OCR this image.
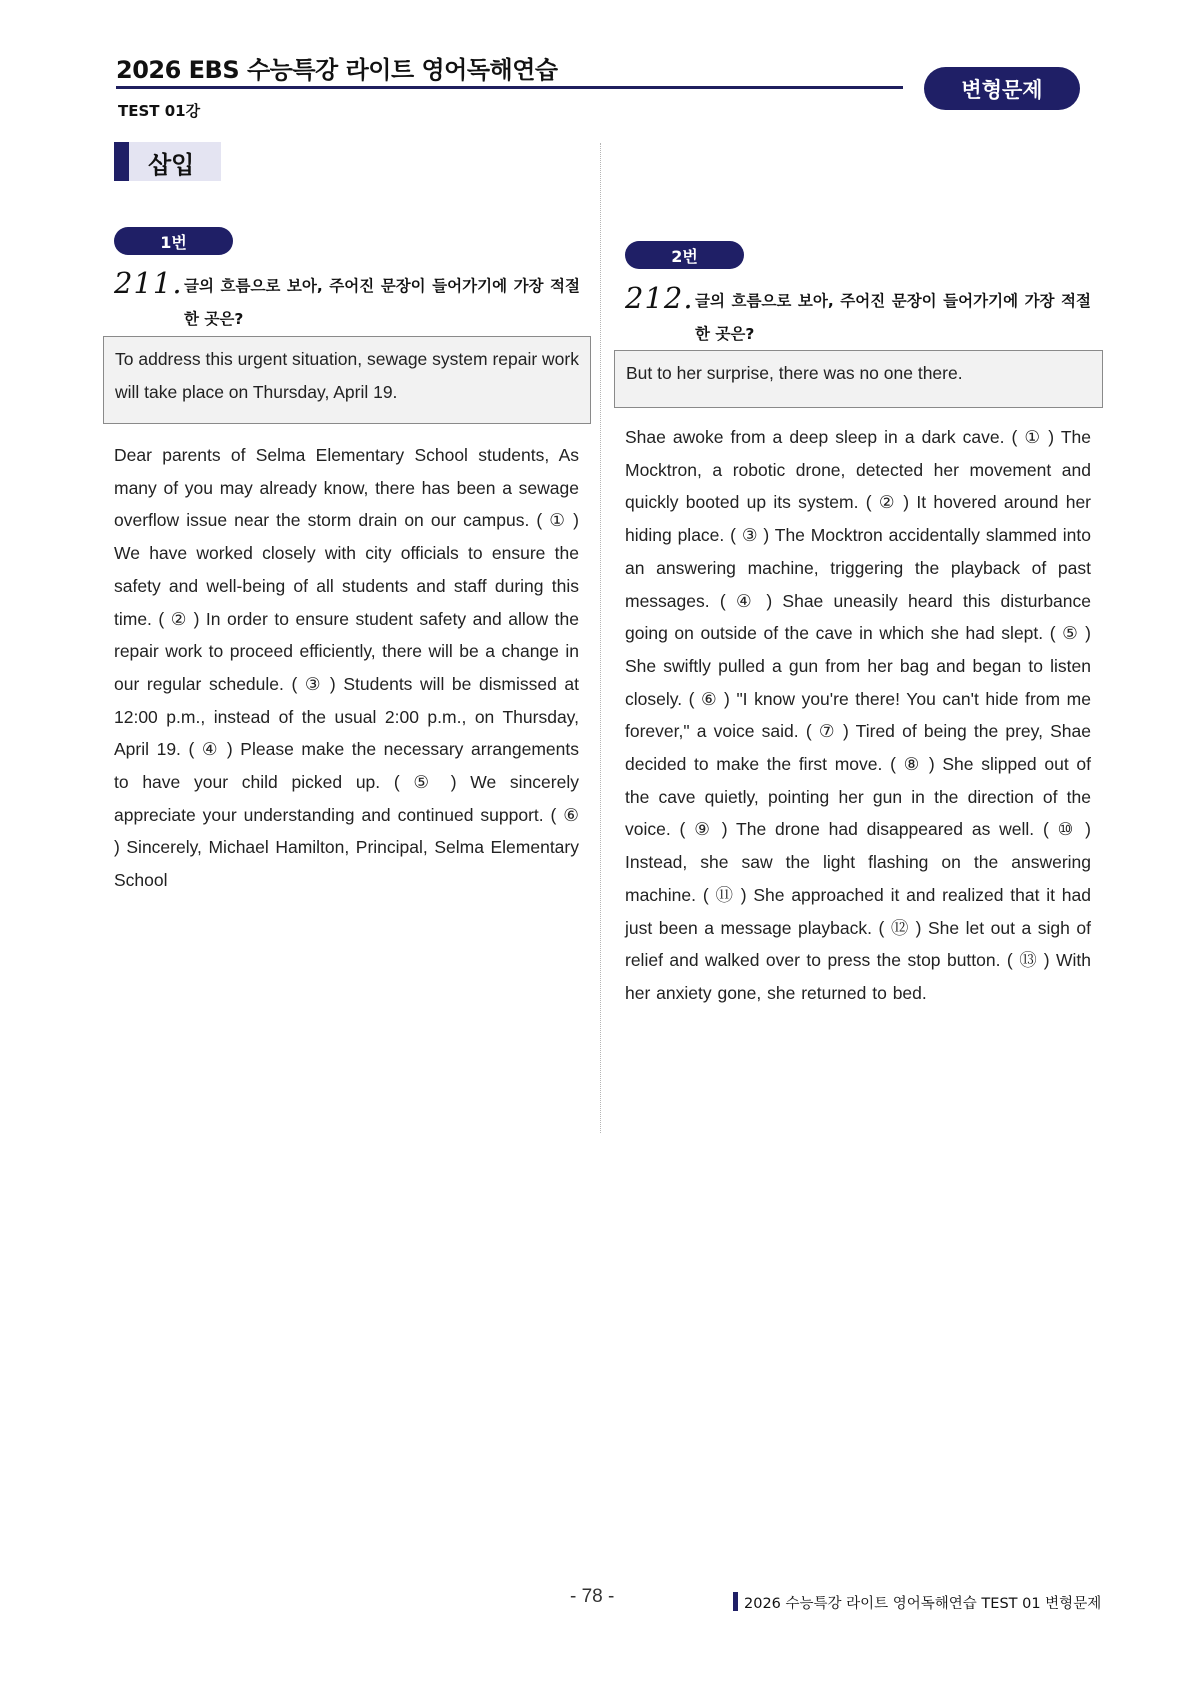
2026 EBS 수능특강 라이트 영어독해연습
TEST 01강
변형문제
삽입
1번
211. 글의 흐름으로 보아, 주어진 문장이 들어가기에 가장 적절한 곳은?
To address this urgent situation, sewage system repair work will take place on Thursday, April 19.
Dear parents of Selma Elementary School students, As many of you may already know, there has been a sewage overflow issue near the storm drain on our campus. ( ① ) We have worked closely with city officials to ensure the safety and well-being of all students and staff during this time. ( ② ) In order to ensure student safety and allow the repair work to proceed efficiently, there will be a change in our regular schedule. ( ③ ) Students will be dismissed at 12:00 p.m., instead of the usual 2:00 p.m., on Thursday, April 19. ( ④ ) Please make the necessary arrangements to have your child picked up. ( ⑤ ) We sincerely appreciate your understanding and continued support. ( ⑥ ) Sincerely, Michael Hamilton, Principal, Selma Elementary School
2번
212. 글의 흐름으로 보아, 주어진 문장이 들어가기에 가장 적절한 곳은?
But to her surprise, there was no one there.
Shae awoke from a deep sleep in a dark cave. ( ① ) The Mocktron, a robotic drone, detected her movement and quickly booted up its system. ( ② ) It hovered around her hiding place. ( ③ ) The Mocktron accidentally slammed into an answering machine, triggering the playback of past messages. ( ④ ) Shae uneasily heard this disturbance going on outside of the cave in which she had slept. ( ⑤ ) She swiftly pulled a gun from her bag and began to listen closely. ( ⑥ ) "I know you're there! You can't hide from me forever," a voice said. ( ⑦ ) Tired of being the prey, Shae decided to make the first move. ( ⑧ ) She slipped out of the cave quietly, pointing her gun in the direction of the voice. ( ⑨ ) The drone had disappeared as well. ( ⑩ ) Instead, she saw the light flashing on the answering machine. ( ⑪ ) She approached it and realized that it had just been a message playback. ( ⑫ ) She let out a sigh of relief and walked over to press the stop button. ( ⑬ ) With her anxiety gone, she returned to bed.
- 78 -	2026 수능특강 라이트 영어독해연습 TEST 01 변형문제
